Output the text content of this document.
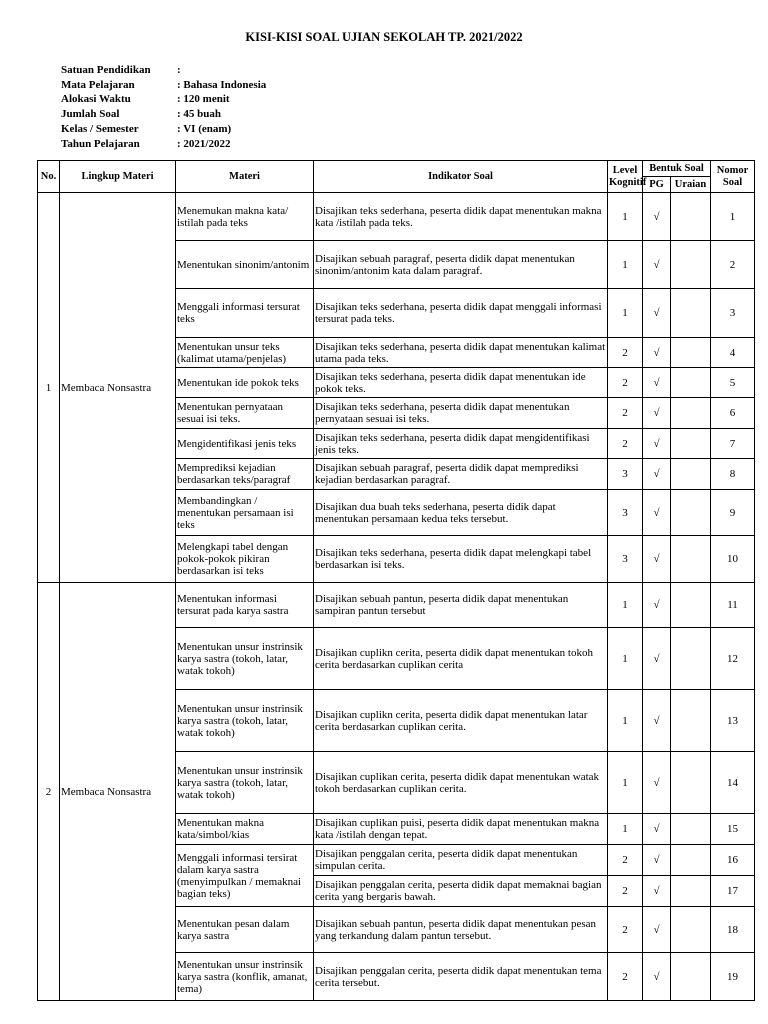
KISI-KISI SOAL UJIAN SEKOLAH TP. 2021/2022
Satuan Pendidikan	:
Mata Pelajaran	: Bahasa Indonesia
Alokasi Waktu	: 120 menit
Jumlah Soal	: 45 buah
Kelas / Semester	: VI (enam)
Tahun Pelajaran	: 2021/2022
No.	Lingkup Materi	Materi	Indikator Soal	Level Kognitif	Bentuk Soal		Nomor Soal
					PG	Uraian	
1	Membaca Nonsastra	Menemukan makna kata/ istilah pada teks	Disajikan teks sederhana, peserta didik dapat menentukan makna kata /istilah pada teks.	1	√		1
		Menentukan sinonim/antonim	Disajikan sebuah paragraf, peserta didik dapat menentukan sinonim/antonim kata dalam paragraf.	1	√		2
		Menggali informasi tersurat teks	Disajikan teks sederhana, peserta didik dapat menggali informasi tersurat pada teks.	1	√		3
		Menentukan unsur teks (kalimat utama/penjelas)	Disajikan teks sederhana, peserta didik dapat menentukan kalimat utama pada teks.	2	√		4
		Menentukan ide pokok teks	Disajikan teks sederhana, peserta didik dapat menentukan ide pokok teks.	2	√		5
		Menentukan pernyataan sesuai isi teks.	Disajikan teks sederhana, peserta didik dapat menentukan pernyataan sesuai isi teks.	2	√		6
		Mengidentifikasi jenis teks	Disajikan teks sederhana, peserta didik dapat mengidentifikasi jenis teks.	2	√		7
		Memprediksi kejadian berdasarkan teks/paragraf	Disajikan sebuah paragraf, peserta didik dapat memprediksi kejadian berdasarkan paragraf.	3	√		8
		Membandingkan / menentukan persamaan isi teks	Disajikan dua buah teks sederhana, peserta didik dapat menentukan persamaan kedua teks tersebut.	3	√		9
		Melengkapi tabel dengan pokok-pokok pikiran berdasarkan isi teks	Disajikan teks sederhana, peserta didik dapat melengkapi tabel berdasarkan isi teks.	3	√		10
2	Membaca Nonsastra	Menentukan informasi tersurat pada karya sastra	Disajikan sebuah pantun, peserta didik dapat menentukan sampiran pantun tersebut	1	√		11
		Menentukan unsur instrinsik karya sastra (tokoh, latar, watak tokoh)	Disajikan cuplikn cerita, peserta didik dapat menentukan tokoh cerita berdasarkan cuplikan cerita	1	√		12
		Menentukan unsur instrinsik karya sastra (tokoh, latar, watak tokoh)	Disajikan cuplikn cerita, peserta didik dapat menentukan latar cerita berdasarkan cuplikan cerita.	1	√		13
		Menentukan unsur instrinsik karya sastra (tokoh, latar, watak tokoh)	Disajikan cuplikan cerita, peserta didik dapat menentukan watak tokoh berdasarkan cuplikan cerita.	1	√		14
		Menentukan makna kata/simbol/kias	Disajikan cuplikan puisi, peserta didik dapat menentukan makna kata /istilah dengan tepat.	1	√		15
		Menggali informasi tersirat dalam karya sastra (menyimpulkan / memaknai bagian teks)	Disajikan penggalan cerita, peserta didik dapat menentukan simpulan cerita.	2	√		16
			Disajikan penggalan cerita, peserta didik dapat memaknai bagian cerita yang bergaris bawah.	2	√		17
		Menentukan pesan dalam karya sastra	Disajikan sebuah pantun, peserta didik dapat menentukan pesan yang terkandung dalam pantun tersebut.	2	√		18
		Menentukan unsur instrinsik karya sastra (konflik, amanat, tema)	Disajikan penggalan cerita, peserta didik dapat menentukan tema cerita tersebut.	2	√		19
